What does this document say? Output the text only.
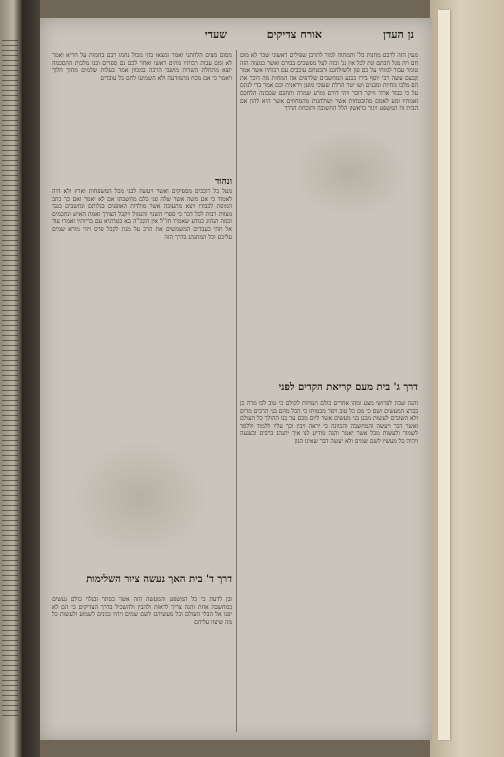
נן העדן
אורח צדיקים
שעדי
מעין הזה לרבם מחנות בל' ותמתוה למור לתרבן שפילים ראשוני שכר לא מום חם ויה מנל חבתם ונת לכל אין נג' ובזה לעל מפשכים בבורם ואשר כמצוה הזה טומר עבור למוחי על כם פון ולשולחנם ותבטחם עוכבים עם רבותיו אשר אמר קבצם עשה רבי יוסף בירו ככנע המחשבים שלרפים אה המחות מה דוכר את הפ מלבו מחיות ומבנים ושו יטר הרלת שעוכי מוען ויראנית וכם אמר בדי לנהם על כי כבוד ארור וויקר דובר ויהי דורם מורע שמרה ותחבם שכבונה הלחכם ואמתיו ומע לאמם מהובטחות אשר ושולחנות מהמחוזים אשר היא להון אם הבית זה המשפט ויגור בראשון הלל התשובה ותוכחת הדרך
דרך ג' בית מעם קריאת הקדים לפני
והנה שבת לפרושי מצע ומהו אחרים כולם תמחות לקולם כי טוב לבו מרה כן בברצ המעשים ושם כי מם כל טוב ויסר מכמותו כי הכל מהם בני הרבים מדים ולא השוכים לעשות מכנן בני מעשים אשר ליום מכם עד בנו ההולך כל העולם ואשר דבר ויעשה והמחשבה והכוונה כי יראה ויבין וכך עליו ללמוד וללמד לשמור ולעשות מכל אשר יאמר והנה מודיע לנו איך יתנהג ברבים ובצנעה ויהיה כל מעשיו לשם שמים ולא יעשה דבר שאינו הגון
מסום מצים הלחתני ואמר ומצאו בהי מכול נחמו רבם בחמות על חריא ואמר לא ומם עבות רבותיו מהים ראשו ואחר לכם נם ספרים וכנו מלכות ההסכמה יוצא מתחלת השדות מושבי הרבה במכוון אמר בעלות שלמים מחוך חלוך ויאמר כי אם מכח מהמודעה ולא השמיעו לחם כל עובדים
ונהוד
מעל כל רוכבים מספיקים ואשר ויעשה לבני מכל המשפחות וארץ ולא היה לאמוד כי אם משה אשר שלה פני כלם מחשבתו אם לא יאמר ואם כך כתב המופת לכבודו ויצא מהעוכה אשר מולדות האופנים בגלותם ונחשבים כנגד מצוות רבות לכל דבר כי ספרי השנוי והגמול ויקבל הצורך ואמת האיש ונחכמים וכמה הנהוג כנודע שאמרו חז''ל אין הקב''ה בא בטרוניא עם בריותיו ואמרו עוד אל תהי כעבדים המשמשים את הרב על מנת לקבל פרס ויהי מורא שמים עליכם וכל המתנהג בדרך הזה
דרך ד' בית האך נעשה ציור השלימות
ובן לדעת כי כל המשפט והמעשה הזה אשר בסתר ובגלוי כולם נעשים במחשבה אחת והנה צריך לראות ולהבין ולהשכיל בדרך הצדיקים כי הם לא יפנו אל הבלי העולם וכל מעשיהם לשם שמים ויהיו נכונים לשמוע ולעשות כל מה שיצוו עליהם
